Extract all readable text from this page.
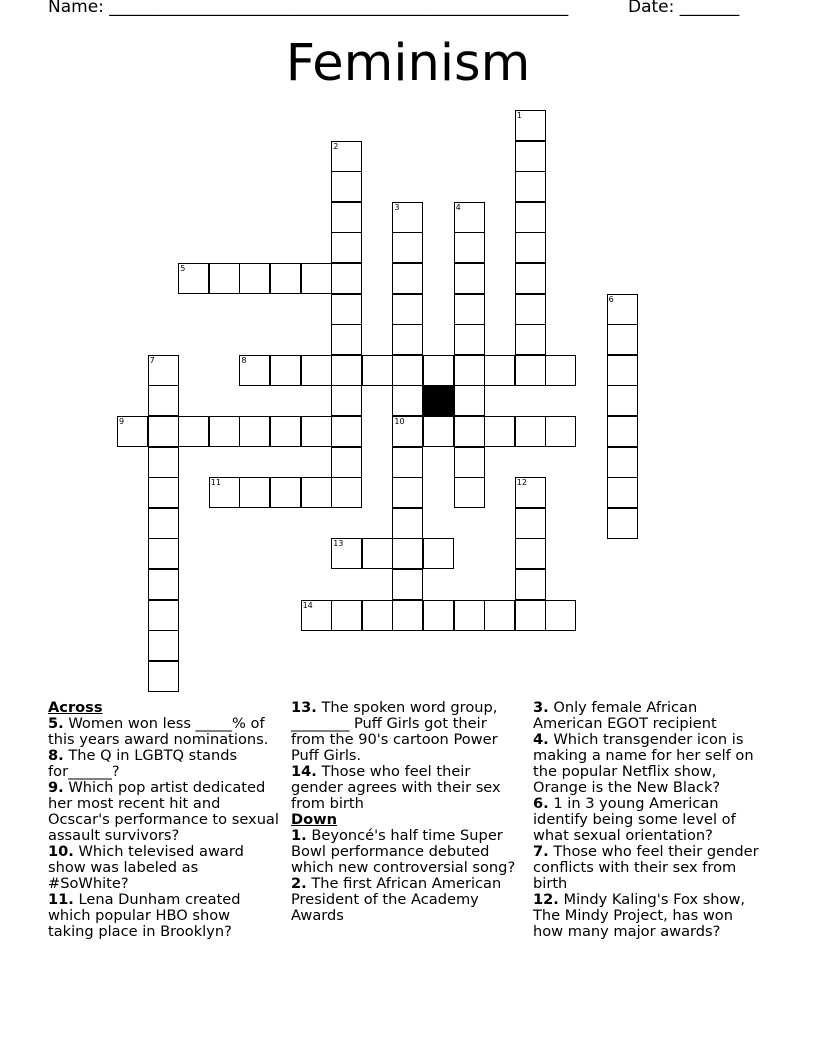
Name: ______________________________________________________	Date: _______
Feminism
1
2
3
10
4
5
6
7	8
9
11	12
13
14
Across
5. Women won less _____% of this years award nominations.
8. The Q in LGBTQ stands for______?
9. Which pop artist dedicated her most recent hit and Ocscar's performance to sexual assault survivors?
10. Which televised award show was labeled as #SoWhite?
11. Lena Dunham created which popular HBO show taking place in Brooklyn?
13. The spoken word group, ________ Puff Girls got their from the 90's cartoon Power Puff Girls.
14. Those who feel their gender agrees with their sex from birth
Down
1. Beyoncé's half time Super Bowl performance debuted which new controversial song?
2. The first African American President of the Academy Awards
3. Only female African American EGOT recipient
4. Which transgender icon is making a name for her self on the popular Netflix show, Orange is the New Black?
6. 1 in 3 young American identify being some level of what sexual orientation?
7. Those who feel their gender conflicts with their sex from birth
12. Mindy Kaling's Fox show, The Mindy Project, has won how many major awards?
